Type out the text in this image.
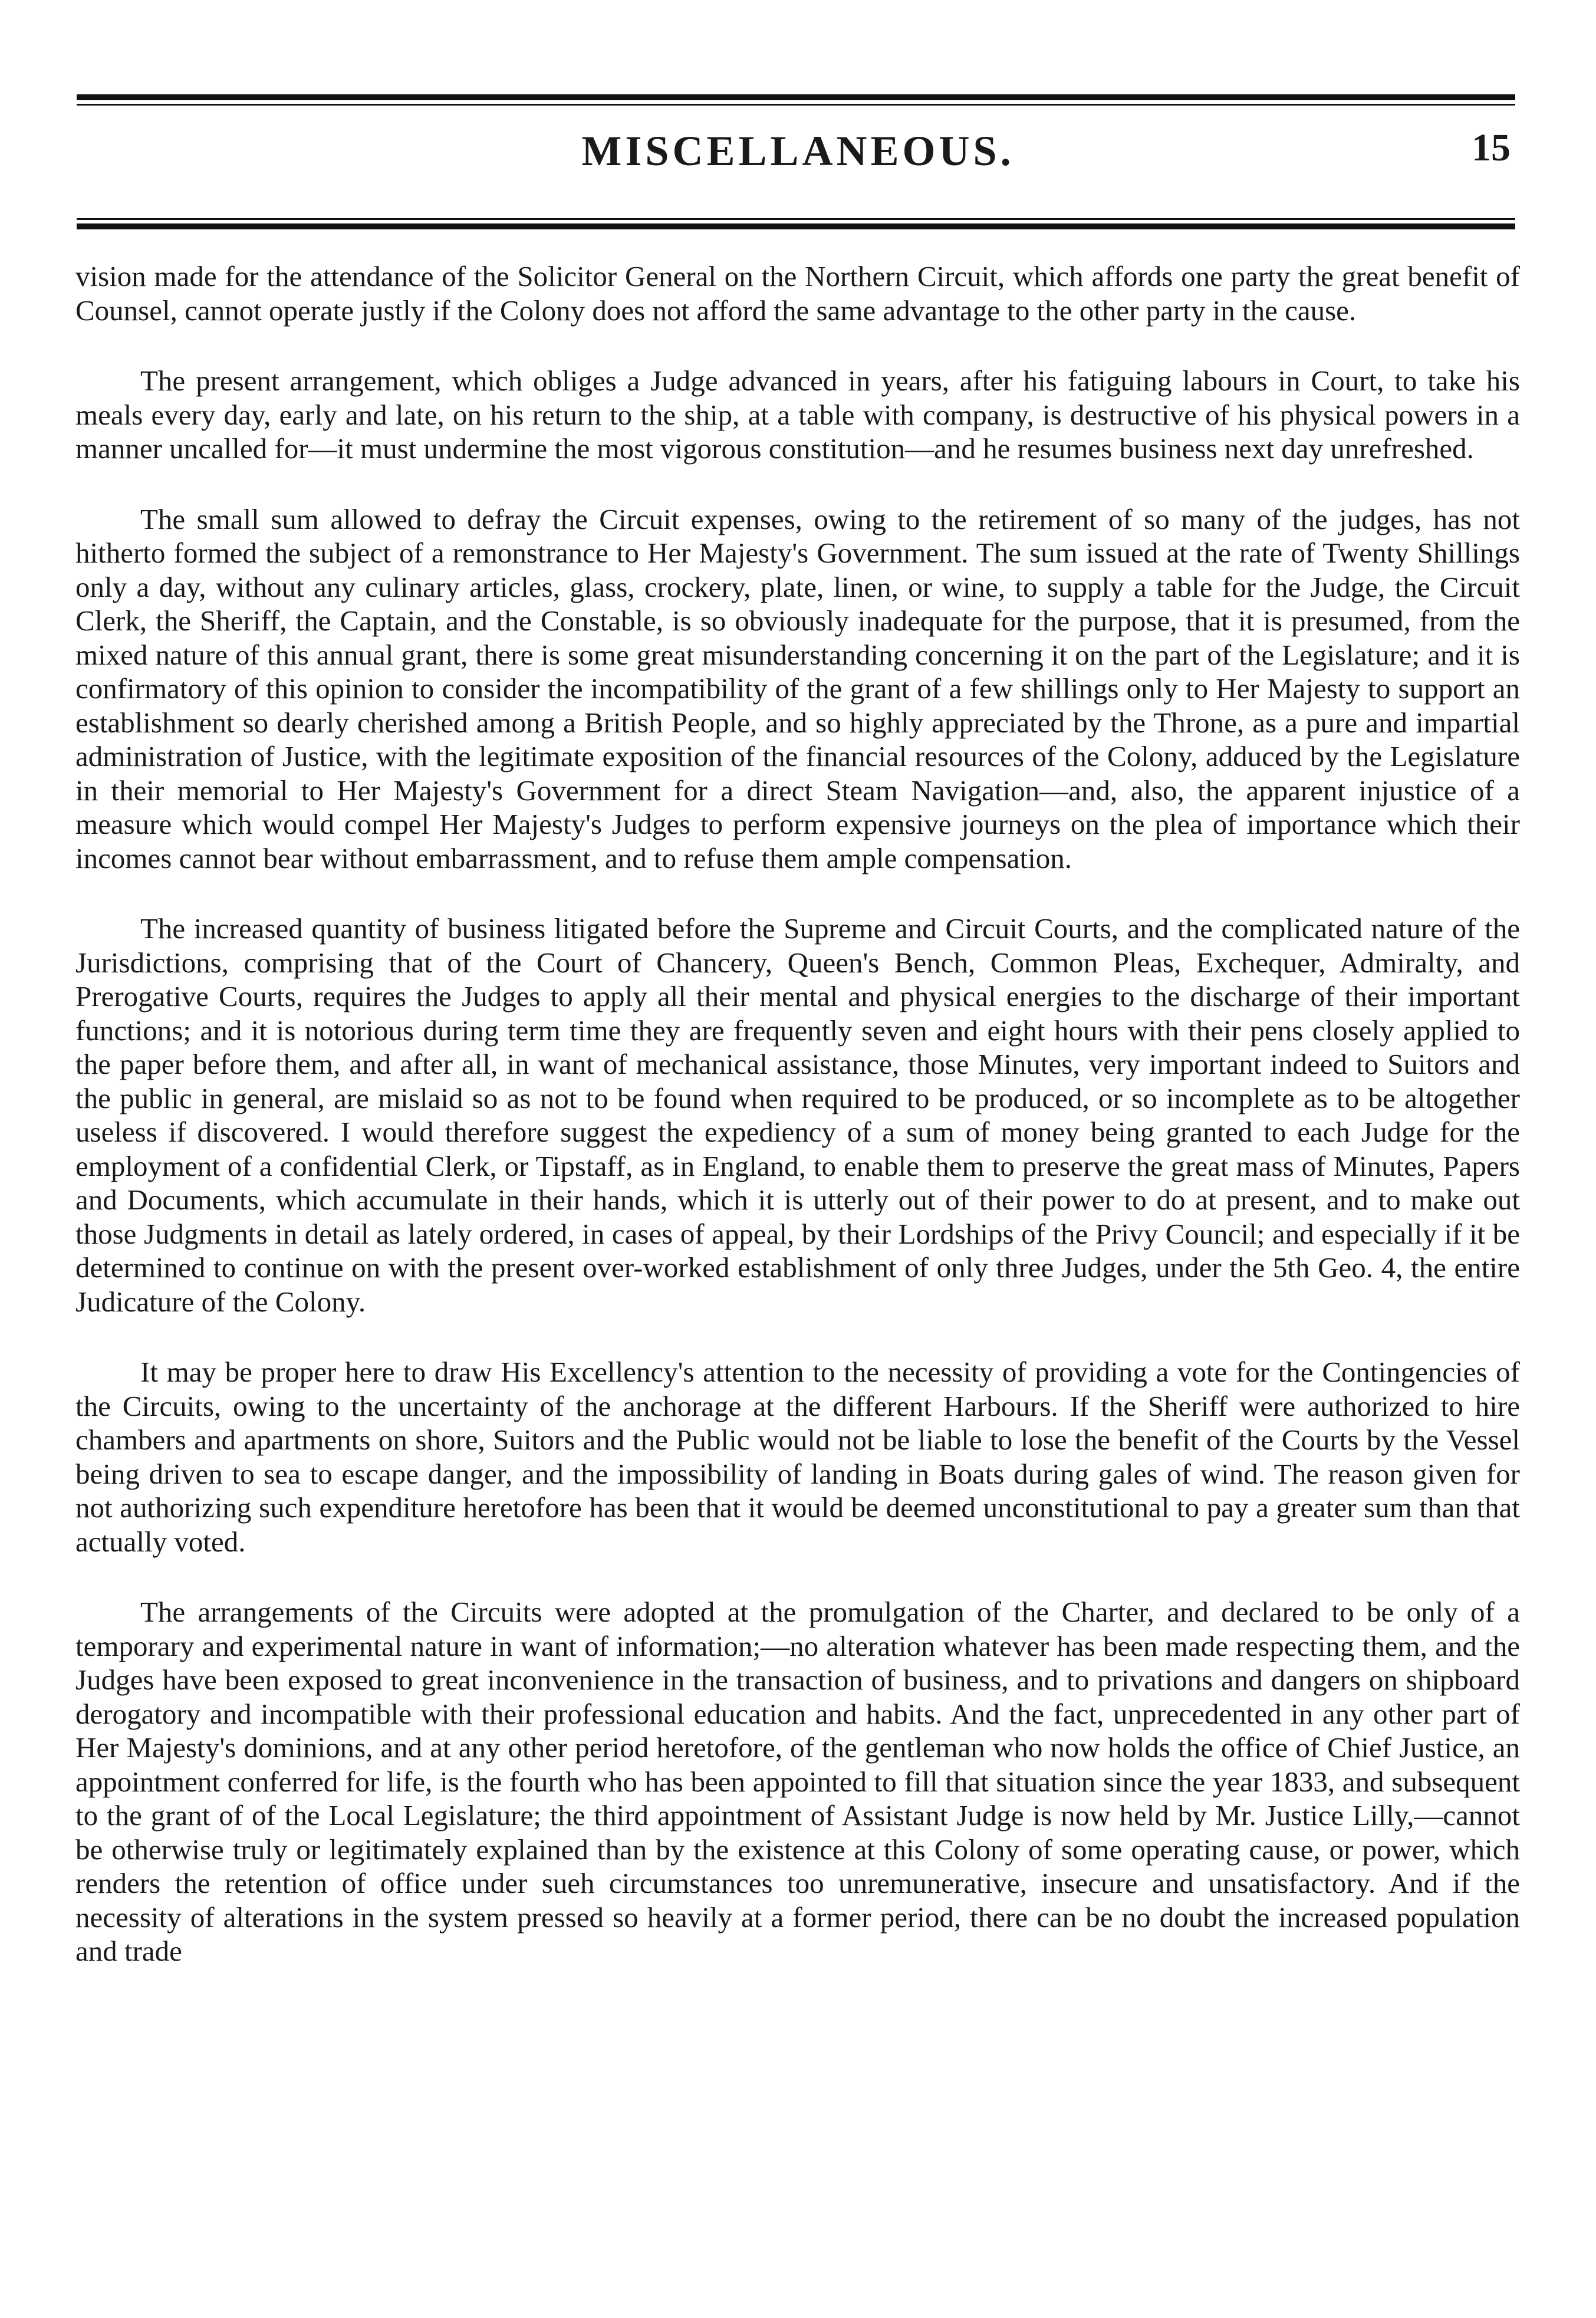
MISCELLANEOUS.	15

vision made for the attendance of the Solicitor General on the Northern Circuit, which affords one party the great benefit of Counsel, cannot operate justly if the Colony does not afford the same advantage to the other party in the cause.

The present arrangement, which obliges a Judge advanced in years, after his fatiguing labours in Court, to take his meals every day, early and late, on his return to the ship, at a table with company, is destructive of his physical powers in a manner uncalled for—it must undermine the most vigorous constitution—and he resumes business next day unrefreshed.

The small sum allowed to defray the Circuit expenses, owing to the retirement of so many of the judges, has not hitherto formed the subject of a remonstrance to Her Majesty's Government. The sum issued at the rate of Twenty Shillings only a day, without any culinary articles, glass, crockery, plate, linen, or wine, to supply a table for the Judge, the Circuit Clerk, the Sheriff, the Captain, and the Constable, is so obviously inadequate for the purpose, that it is presumed, from the mixed nature of this annual grant, there is some great misunderstanding concerning it on the part of the Legislature; and it is confirmatory of this opinion to consider the incompatibility of the grant of a few shillings only to Her Majesty to support an establishment so dearly cherished among a British People, and so highly appreciated by the Throne, as a pure and impartial administration of Justice, with the legitimate exposition of the financial resources of the Colony, adduced by the Legislature in their memorial to Her Majesty's Government for a direct Steam Navigation—and, also, the apparent injustice of a measure which would compel Her Majesty's Judges to perform expensive journeys on the plea of importance which their incomes cannot bear without embarrassment, and to refuse them ample compensation.

The increased quantity of business litigated before the Supreme and Circuit Courts, and the complicated nature of the Jurisdictions, comprising that of the Court of Chancery, Queen's Bench, Common Pleas, Exchequer, Admiralty, and Prerogative Courts, requires the Judges to apply all their mental and physical energies to the discharge of their important functions; and it is notorious during term time they are frequently seven and eight hours with their pens closely applied to the paper before them, and after all, in want of mechanical assistance, those Minutes, very important indeed to Suitors and the public in general, are mislaid so as not to be found when required to be produced, or so incomplete as to be altogether useless if discovered. I would therefore suggest the expediency of a sum of money being granted to each Judge for the employment of a confidential Clerk, or Tipstaff, as in England, to enable them to preserve the great mass of Minutes, Papers and Documents, which accumulate in their hands, which it is utterly out of their power to do at present, and to make out those Judgments in detail as lately ordered, in cases of appeal, by their Lordships of the Privy Council; and especially if it be determined to continue on with the present over-worked establishment of only three Judges, under the 5th Geo. 4, the entire Judicature of the Colony.

It may be proper here to draw His Excellency's attention to the necessity of providing a vote for the Contingencies of the Circuits, owing to the uncertainty of the anchorage at the different Harbours. If the Sheriff were authorized to hire chambers and apartments on shore, Suitors and the Public would not be liable to lose the benefit of the Courts by the Vessel being driven to sea to escape danger, and the impossibility of landing in Boats during gales of wind. The reason given for not authorizing such expenditure heretofore has been that it would be deemed unconstitutional to pay a greater sum than that actually voted.

The arrangements of the Circuits were adopted at the promulgation of the Charter, and declared to be only of a temporary and experimental nature in want of information;—no alteration whatever has been made respecting them, and the Judges have been exposed to great inconvenience in the transaction of business, and to privations and dangers on shipboard derogatory and incompatible with their professional education and habits. And the fact, unprecedented in any other part of Her Majesty's dominions, and at any other period heretofore, of the gentleman who now holds the office of Chief Justice, an appointment conferred for life, is the fourth who has been appointed to fill that situation since the year 1833, and subsequent to the grant of of the Local Legislature; the third appointment of Assistant Judge is now held by Mr. Justice Lilly,—cannot be otherwise truly or legitimately explained than by the existence at this Colony of some operating cause, or power, which renders the retention of office under sueh circumstances too unremunerative, insecure and unsatisfactory. And if the necessity of alterations in the system pressed so heavily at a former period, there can be no doubt the increased population and trade
